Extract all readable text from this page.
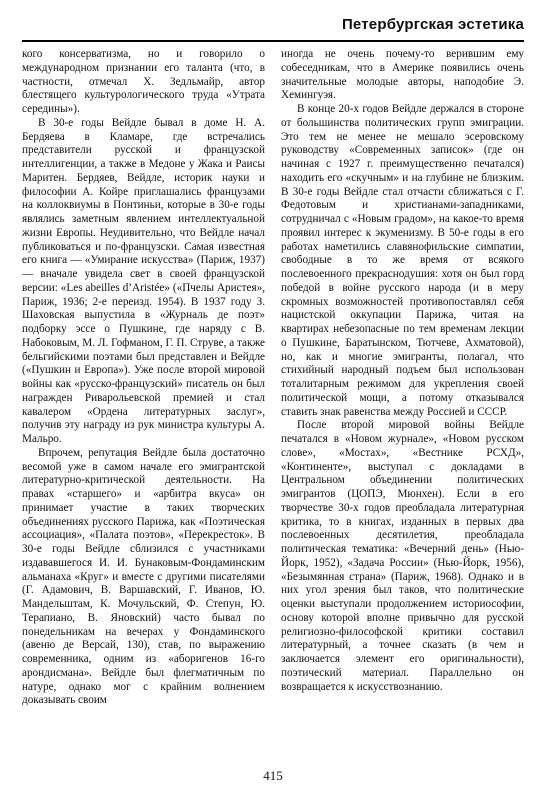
Петербургская эстетика

кого консерватизма, но и говорило о международном признании его таланта (что, в частности, отмечал Х. Зедльмайр, автор блестящего культурологического труда «Утрата середины»).

В 30-е годы Вейдле бывал в доме Н. А. Бердяева в Кламаре, где встречались представители русской и французской интеллигенции, а также в Медоне у Жака и Раисы Маритен. Бердяев, Вейдле, историк науки и философии А. Койре приглашались французами на коллоквиумы в Понтиньи, которые в 30-е годы являлись заметным явлением интеллектуальной жизни Европы. Неудивительно, что Вейдле начал публиковаться и по-французски. Самая известная его книга — «Умирание искусства» (Париж, 1937) — вначале увидела свет в своей французской версии: «Les abeilles d’Aristée» («Пчелы Аристея», Париж, 1936; 2-е переизд. 1954). В 1937 году З. Шаховская выпустила в «Журналь де поэт» подборку эссе о Пушкине, где наряду с В. Набоковым, М. Л. Гофманом, Г. П. Струве, а также бельгийскими поэтами был представлен и Вейдле («Пушкин и Европа»). Уже после второй мировой войны как «русско-французский» писатель он был награжден Риварольевской премией и стал кавалером «Ордена литературных заслуг», получив эту награду из рук министра культуры А. Мальро.

Впрочем, репутация Вейдле была достаточно весомой уже в самом начале его эмигрантской литературно-критической деятельности. На правах «старшего» и «арбитра вкуса» он принимает участие в таких творческих объединениях русского Парижа, как «Поэтическая ассоциация», «Палата поэтов», «Перекресток». В 30-е годы Вейдле сблизился с участниками издававшегося И. И. Бунаковым-Фондаминским альманаха «Круг» и вместе с другими писателями (Г. Адамович, В. Варшавский, Г. Иванов, Ю. Мандельштам, К. Мочульский, Ф. Степун, Ю. Терапиано, В. Яновский) часто бывал по понедельникам на вечерах у Фондаминского (авеню де Версай, 130), став, по выражению современника, одним из «аборигенов 16-го арондисмана». Вейдле был флегматичным по натуре, однако мог с крайним волнением доказывать своим

иногда не очень почему-то верившим ему собеседникам, что в Америке появились очень значительные молодые авторы, наподобие Э. Хемингуэя.

В конце 20-х годов Вейдле держался в стороне от большинства политических групп эмиграции. Это тем не менее не мешало эсеровскому руководству «Современных записок» (где он начиная с 1927 г. преимущественно печатался) находить его «скучным» и на глубине не близким. В 30-е годы Вейдле стал отчасти сближаться с Г. Федотовым и христианами-западниками, сотрудничал с «Новым градом», на какое-то время проявил интерес к экуменизму. В 50-е годы в его работах наметились славянофильские симпатии, свободные в то же время от всякого послевоенного прекраснодушия: хотя он был горд победой в войне русского народа (и в меру скромных возможностей противопоставлял себя нацистской оккупации Парижа, читая на квартирах небезопасные по тем временам лекции о Пушкине, Баратынском, Тютчеве, Ахматовой), но, как и многие эмигранты, полагал, что стихийный народный подъем был использован тоталитарным режимом для укрепления своей политической мощи, а потому отказывался ставить знак равенства между Россией и СССР.

После второй мировой войны Вейдле печатался в «Новом журнале», «Новом русском слове», «Мостах», «Вестнике РСХД», «Континенте», выступал с докладами в Центральном объединении политических эмигрантов (ЦОПЭ, Мюнхен). Если в его творчестве 30-х годов преобладала литературная критика, то в книгах, изданных в первых два послевоенных десятилетия, преобладала политическая тематика: «Вечерний день» (Нью-Йорк, 1952), «Задача России» (Нью-Йорк, 1956), «Безымянная страна» (Париж, 1968). Однако и в них угол зрения был таков, что политические оценки выступали продолжением историософии, основу которой вполне привычно для русской религиозно-философской критики составил литературный, а точнее сказать (в чем и заключается элемент его оригинальности), поэтический материал. Параллельно он возвращается к искусствознанию.

415
